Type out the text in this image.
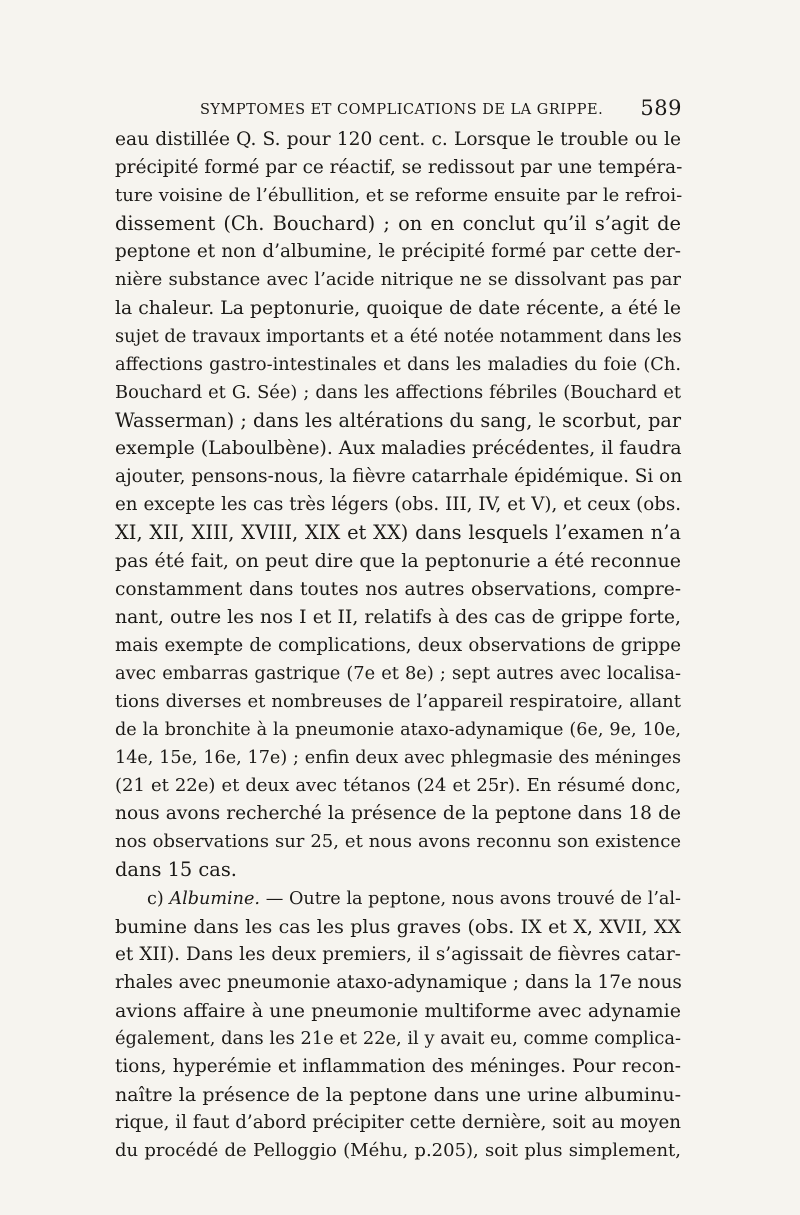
SYMPTOMES ET COMPLICATIONS DE LA GRIPPE. 589
eau distillée Q. S. pour 120 cent. c. Lorsque le trouble ou le
précipité formé par ce réactif, se redissout par une tempéra-
ture voisine de l’ébullition, et se reforme ensuite par le refroi-
dissement (Ch. Bouchard) ; on en conclut qu’il s’agit de
peptone et non d’albumine, le précipité formé par cette der-
nière substance avec l’acide nitrique ne se dissolvant pas par
la chaleur. La peptonurie, quoique de date récente, a été le
sujet de travaux importants et a été notée notamment dans les
affections gastro-intestinales et dans les maladies du foie (Ch.
Bouchard et G. Sée) ; dans les affections fébriles (Bouchard et
Wasserman) ; dans les altérations du sang, le scorbut, par
exemple (Laboulbène). Aux maladies précédentes, il faudra
ajouter, pensons-nous, la fièvre catarrhale épidémique. Si on
en excepte les cas très légers (obs. III, IV, et V), et ceux (obs.
XI, XII, XIII, XVIII, XIX et XX) dans lesquels l’examen n’a
pas été fait, on peut dire que la peptonurie a été reconnue
constamment dans toutes nos autres observations, compre-
nant, outre les nos I et II, relatifs à des cas de grippe forte,
mais exempte de complications, deux observations de grippe
avec embarras gastrique (7e et 8e) ; sept autres avec localisa-
tions diverses et nombreuses de l’appareil respiratoire, allant
de la bronchite à la pneumonie ataxo-adynamique (6e, 9e, 10e,
14e, 15e, 16e, 17e) ; enfin deux avec phlegmasie des méninges
(21 et 22e) et deux avec tétanos (24 et 25r). En résumé donc,
nous avons recherché la présence de la peptone dans 18 de
nos observations sur 25, et nous avons reconnu son existence
dans 15 cas.
c) Albumine. — Outre la peptone, nous avons trouvé de l’al-
bumine dans les cas les plus graves (obs. IX et X, XVII, XX
et XII). Dans les deux premiers, il s’agissait de fièvres catar-
rhales avec pneumonie ataxo-adynamique ; dans la 17e nous
avions affaire à une pneumonie multiforme avec adynamie
également, dans les 21e et 22e, il y avait eu, comme complica-
tions, hyperémie et inflammation des méninges. Pour recon-
naître la présence de la peptone dans une urine albuminu-
rique, il faut d’abord précipiter cette dernière, soit au moyen
du procédé de Pelloggio (Méhu, p.205), soit plus simplement,
